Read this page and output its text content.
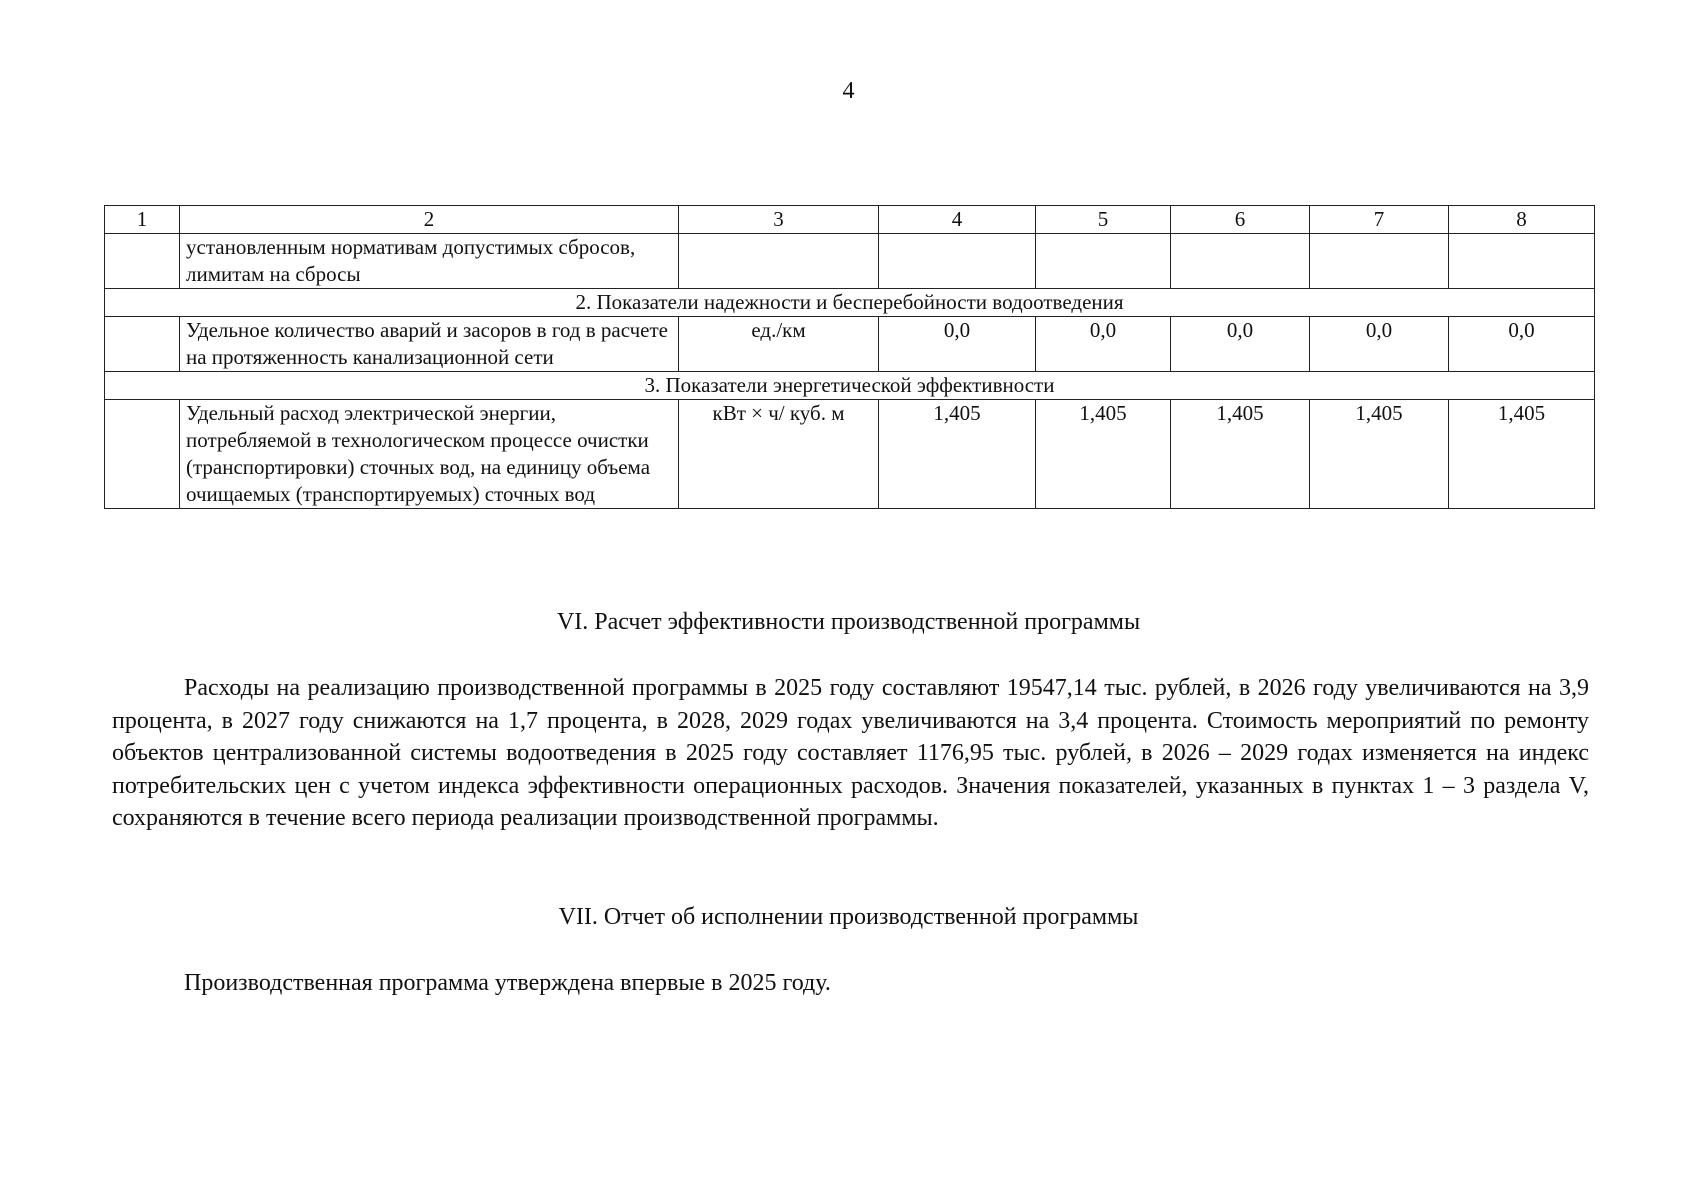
4
1	2	3	4	5	6	7	8
	установленным нормативам допустимых сбросов, лимитам на сбросы						
2. Показатели надежности и бесперебойности водоотведения							
	Удельное количество аварий и засоров в год в расчете на протяженность канализационной сети	ед./км	0,0	0,0	0,0	0,0	0,0
3. Показатели энергетической эффективности							
	Удельный расход электрической энергии, потребляемой в технологическом процессе очистки (транспортировки) сточных вод, на единицу объема очищаемых (транспортируемых) сточных вод	кВт × ч/ куб. м	1,405	1,405	1,405	1,405	1,405
VI. Расчет эффективности производственной программы

Расходы на реализацию производственной программы в 2025 году составляют 19547,14 тыс. рублей, в 2026 году увеличиваются на 3,9 процента, в 2027 году снижаются на 1,7 процента, в 2028, 2029 годах увеличиваются на 3,4 процента. Стоимость мероприятий по ремонту объектов централизованной системы водоотведения в 2025 году составляет 1176,95 тыс. рублей, в 2026 – 2029 годах изменяется на индекс потребительских цен с учетом индекса эффективности операционных расходов. Значения показателей, указанных в пунктах 1 – 3 раздела V, сохраняются в течение всего периода реализации производственной программы.

VII. Отчет об исполнении производственной программы
Производственная программа утверждена впервые в 2025 году.
